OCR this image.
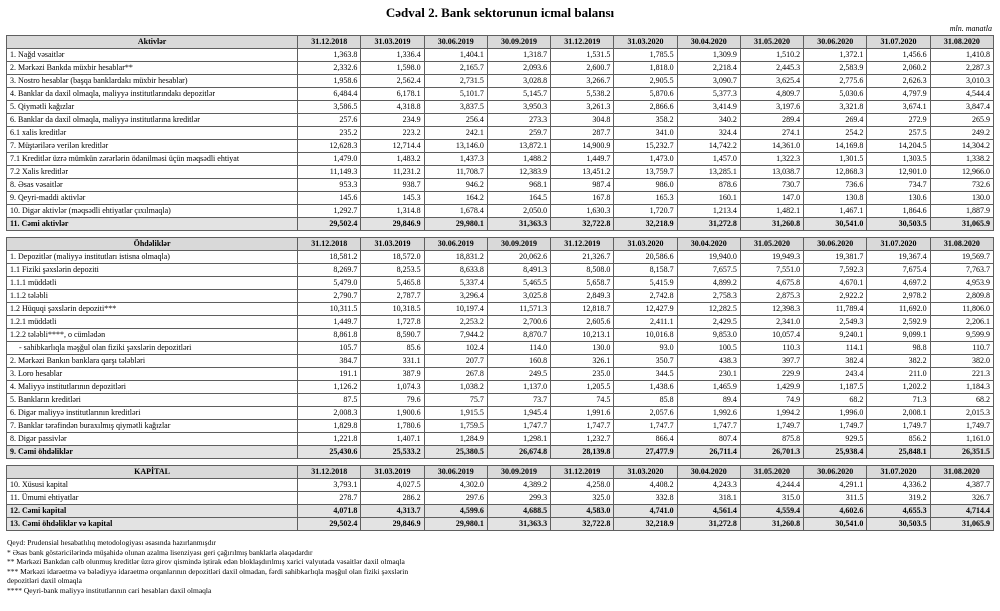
Cədval 2. Bank sektorunun icmal balansı
mln. manatla
Aktivlər	31.12.2018	31.03.2019	30.06.2019	30.09.2019	31.12.2019	31.03.2020	30.04.2020	31.05.2020	30.06.2020	31.07.2020	31.08.2020
1. Nağd vəsaitlər	1,363.8	1,336.4	1,404.1	1,318.7	1,531.5	1,785.5	1,309.9	1,510.2	1,372.1	1,456.6	1,410.8
2. Mərkəzi Bankda müxbir hesablar**	2,332.6	1,598.0	2,165.7	2,093.6	2,600.7	1,818.0	2,218.4	2,445.3	2,583.9	2,060.2	2,287.3
3. Nostro hesablar (başqa banklardakı müxbir hesablar)	1,958.6	2,562.4	2,731.5	3,028.8	3,266.7	2,905.5	3,090.7	3,625.4	2,775.6	2,626.3	3,010.3
4. Banklar da daxil olmaqla, maliyyə institutlarındakı depozitlər	6,484.4	6,178.1	5,101.7	5,145.7	5,538.2	5,870.6	5,377.3	4,809.7	5,030.6	4,797.9	4,544.4
5. Qiymətli kağızlar	3,586.5	4,318.8	3,837.5	3,950.3	3,261.3	2,866.6	3,414.9	3,197.6	3,321.8	3,674.1	3,847.4
6. Banklar da daxil olmaqla, maliyyə institutlarına kreditlər	257.6	234.9	256.4	273.3	304.8	358.2	340.2	289.4	269.4	272.9	265.9
6.1 xalis kreditlər	235.2	223.2	242.1	259.7	287.7	341.0	324.4	274.1	254.2	257.5	249.2
7. Müştərilərə verilən kreditlər	12,628.3	12,714.4	13,146.0	13,872.1	14,900.9	15,232.7	14,742.2	14,361.0	14,169.8	14,204.5	14,304.2
7.1 Kreditlər üzrə mümkün zərərlərin ödənilməsi üçün məqsədli ehtiyat	1,479.0	1,483.2	1,437.3	1,488.2	1,449.7	1,473.0	1,457.0	1,322.3	1,301.5	1,303.5	1,338.2
7.2 Xalis kreditlər	11,149.3	11,231.2	11,708.7	12,383.9	13,451.2	13,759.7	13,285.1	13,038.7	12,868.3	12,901.0	12,966.0
8. Əsas vəsaitlər	953.3	938.7	946.2	968.1	987.4	986.0	878.6	730.7	736.6	734.7	732.6
9. Qeyri-maddi aktivlər	145.6	145.3	164.2	164.5	167.8	165.3	160.1	147.0	130.8	130.6	130.0
10. Digər aktivlər (məqsədli ehtiyatlar çıxılmaqla)	1,292.7	1,314.8	1,678.4	2,050.0	1,630.3	1,720.7	1,213.4	1,482.1	1,467.1	1,864.6	1,887.9
11. Cəmi aktivlər	29,502.4	29,846.9	29,980.1	31,363.3	32,722.8	32,218.9	31,272.8	31,260.8	30,541.0	30,503.5	31,065.9
Öhdəliklər	31.12.2018	31.03.2019	30.06.2019	30.09.2019	31.12.2019	31.03.2020	30.04.2020	31.05.2020	30.06.2020	31.07.2020	31.08.2020
1. Depozitlər (maliyyə institutları istisna olmaqla)	18,581.2	18,572.0	18,831.2	20,062.6	21,326.7	20,586.6	19,940.0	19,949.3	19,381.7	19,367.4	19,569.7
1.1 Fiziki şəxslərin depoziti	8,269.7	8,253.5	8,633.8	8,491.3	8,508.0	8,158.7	7,657.5	7,551.0	7,592.3	7,675.4	7,763.7
1.1.1 müddətli	5,479.0	5,465.8	5,337.4	5,465.5	5,658.7	5,415.9	4,899.2	4,675.8	4,670.1	4,697.2	4,953.9
1.1.2 tələbli	2,790.7	2,787.7	3,296.4	3,025.8	2,849.3	2,742.8	2,758.3	2,875.3	2,922.2	2,978.2	2,809.8
1.2 Hüquqi şəxslərin depoziti***	10,311.5	10,318.5	10,197.4	11,571.3	12,818.7	12,427.9	12,282.5	12,398.3	11,789.4	11,692.0	11,806.0
1.2.1 müddətli	1,449.7	1,727.8	2,253.2	2,700.6	2,605.6	2,411.1	2,429.5	2,341.0	2,549.3	2,592.9	2,206.1
1.2.2 tələbli****, o cümlədən	8,861.8	8,590.7	7,944.2	8,870.7	10,213.1	10,016.8	9,853.0	10,057.4	9,240.1	9,099.1	9,599.9
- sahibkarlıqla məşğul olan fiziki şəxslərin depozitləri	105.7	85.6	102.4	114.0	130.0	93.0	100.5	110.3	114.1	98.8	110.7
2. Mərkəzi Bankın banklara qarşı tələbləri	384.7	331.1	207.7	160.8	326.1	350.7	438.3	397.7	382.4	382.2	382.0
3. Loro hesablar	191.1	387.9	267.8	249.5	235.0	344.5	230.1	229.9	243.4	211.0	221.3
4. Maliyyə institutlarının depozitləri	1,126.2	1,074.3	1,038.2	1,137.0	1,205.5	1,438.6	1,465.9	1,429.9	1,187.5	1,202.2	1,184.3
5. Bankların kreditləri	87.5	79.6	75.7	73.7	74.5	85.8	89.4	74.9	68.2	71.3	68.2
6. Digər maliyyə institutlarının kreditləri	2,008.3	1,900.6	1,915.5	1,945.4	1,991.6	2,057.6	1,992.6	1,994.2	1,996.0	2,008.1	2,015.3
7. Banklar tərəfindən buraxılmış qiymətli kağızlar	1,829.8	1,780.6	1,759.5	1,747.7	1,747.7	1,747.7	1,747.7	1,749.7	1,749.7	1,749.7	1,749.7
8. Digər passivlər	1,221.8	1,407.1	1,284.9	1,298.1	1,232.7	866.4	807.4	875.8	929.5	856.2	1,161.0
9. Cəmi öhdəliklər	25,430.6	25,533.2	25,380.5	26,674.8	28,139.8	27,477.9	26,711.4	26,701.3	25,938.4	25,848.1	26,351.5
KAPİTAL	31.12.2018	31.03.2019	30.06.2019	30.09.2019	31.12.2019	31.03.2020	30.04.2020	31.05.2020	30.06.2020	31.07.2020	31.08.2020
10. Xüsusi kapital	3,793.1	4,027.5	4,302.0	4,389.2	4,258.0	4,408.2	4,243.3	4,244.4	4,291.1	4,336.2	4,387.7
11. Ümumi ehtiyatlar	278.7	286.2	297.6	299.3	325.0	332.8	318.1	315.0	311.5	319.2	326.7
12. Cəmi kapital	4,071.8	4,313.7	4,599.6	4,688.5	4,583.0	4,741.0	4,561.4	4,559.4	4,602.6	4,655.3	4,714.4
13. Cəmi öhdəliklər və kapital	29,502.4	29,846.9	29,980.1	31,363.3	32,722.8	32,218.9	31,272.8	31,260.8	30,541.0	30,503.5	31,065.9
Qeyd: Prudensial hesabatlılıq metodologiyası əsasında hazırlanmışdır
* Əsas bank göstəricilərində müşahidə olunan azalma lisenziyası geri çağırılmış banklarla əlaqədardır
** Mərkəzi Bankdan cəlb olunmuş kreditlər üzrə girov qismində iştirak edən bloklaşdırılmış xarici valyutada vəsaitlər daxil olmaqla
*** Mərkəzi idarəetmə və bələdiyyə idarəetmə orqanlarının depozitləri daxil olmadan, fərdi sahibkarlıqla məşğul olan fiziki şəxslərin
depozitləri daxil olmaqla
**** Qeyri-bank maliyyə institutlarının cari hesabları daxil olmaqla
